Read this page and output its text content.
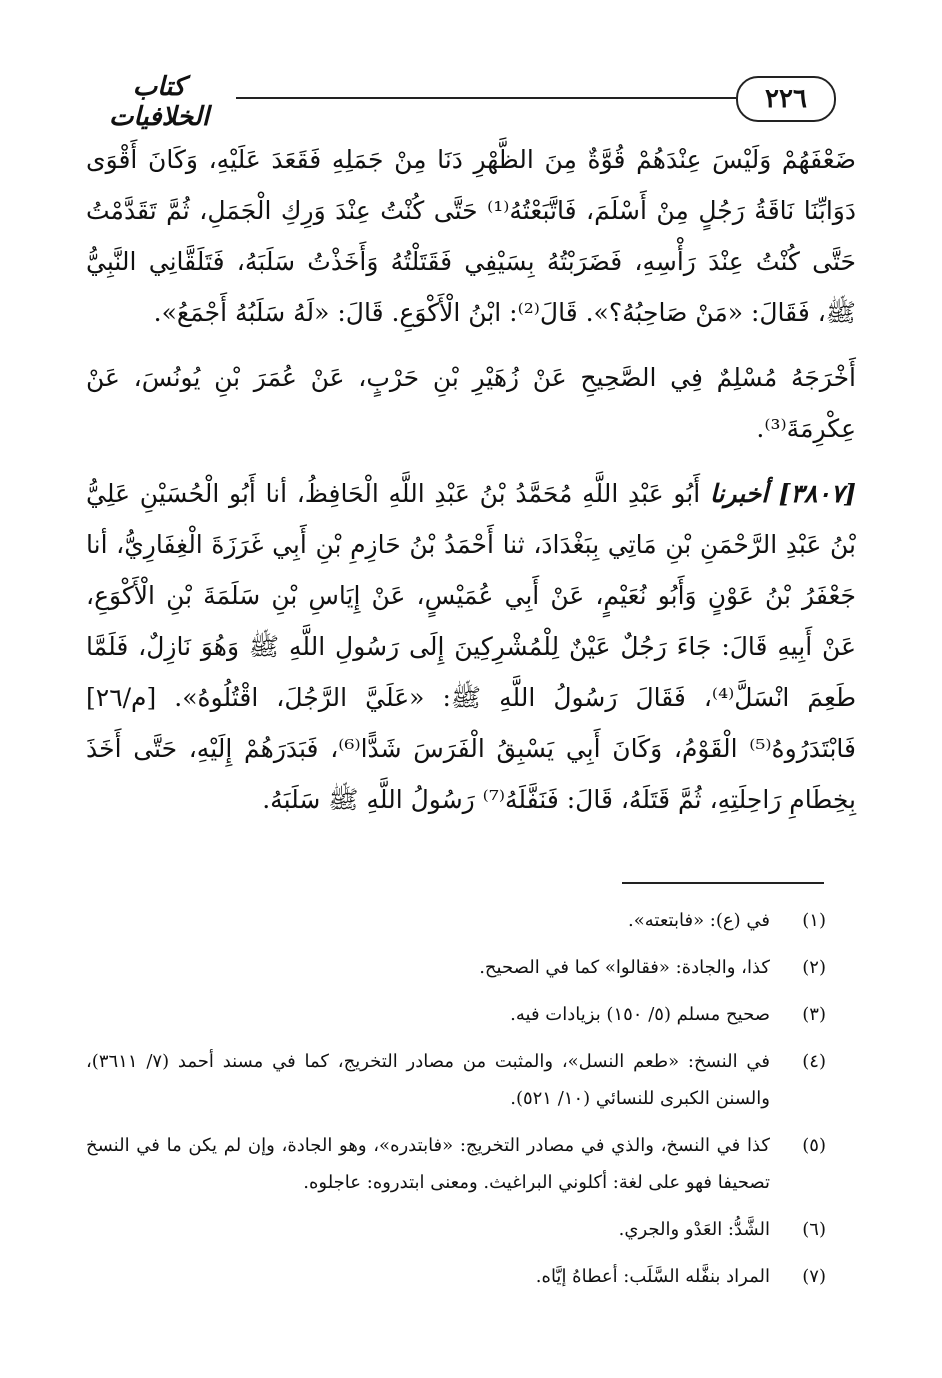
٢٢٦
كتاب الخلافيات

ضَعْفَهُمْ وَلَيْسَ عِنْدَهُمْ قُوَّةٌ مِنَ الظَّهْرِ دَنَا مِنْ جَمَلِهِ فَقَعَدَ عَلَيْهِ، وَكَانَ أَقْوَى دَوَابِّنَا نَاقَةُ رَجُلٍ مِنْ أَسْلَمَ، فَاتَّبَعْتُهُ⁽¹⁾ حَتَّى كُنْتُ عِنْدَ وَرِكِ الْجَمَلِ، ثُمَّ تَقَدَّمْتُ حَتَّى كُنْتُ عِنْدَ رَأْسِهِ، فَضَرَبْتُهُ بِسَيْفِي فَقَتَلْتُهُ وَأَخَذْتُ سَلَبَهُ، فَتَلَقَّانِي النَّبِيُّ ﷺ، فَقَالَ: «مَنْ صَاحِبُهُ؟». قَالَ⁽²⁾: ابْنُ الْأَكْوَعِ. قَالَ: «لَهُ سَلَبُهُ أَجْمَعُ».

أَخْرَجَهُ مُسْلِمٌ فِي الصَّحِيحِ عَنْ زُهَيْرِ بْنِ حَرْبٍ، عَنْ عُمَرَ بْنِ يُونُسَ، عَنْ عِكْرِمَةَ⁽³⁾.

[٣٨٠٧] أخبرنا أَبُو عَبْدِ اللَّهِ مُحَمَّدُ بْنُ عَبْدِ اللَّهِ الْحَافِظُ، أنا أَبُو الْحُسَيْنِ عَلِيُّ بْنُ عَبْدِ الرَّحْمَنِ بْنِ مَاتِي بِبَغْدَادَ، ثنا أَحْمَدُ بْنُ حَازِمِ بْنِ أَبِي غَرَزَةَ الْغِفَارِيُّ، أنا جَعْفَرُ بْنُ عَوْنٍ وَأَبُو نُعَيْمٍ، عَنْ أَبِي عُمَيْسٍ، عَنْ إِيَاسِ بْنِ سَلَمَةَ بْنِ الْأَكْوَعِ، عَنْ أَبِيهِ قَالَ: جَاءَ رَجُلٌ عَيْنٌ لِلْمُشْرِكِينَ إِلَى رَسُولِ اللَّهِ ﷺ وَهُوَ نَازِلٌ، فَلَمَّا طَعِمَ انْسَلَّ⁽⁴⁾، فَقَالَ رَسُولُ اللَّهِ ﷺ: «عَلَيَّ الرَّجُلَ، اقْتُلُوهُ». [م/٢٦] فَابْتَدَرُوهُ⁽⁵⁾ الْقَوْمُ، وَكَانَ أَبِي يَسْبِقُ الْفَرَسَ شَدًّا⁽⁶⁾، فَبَدَرَهُمْ إِلَيْهِ، حَتَّى أَخَذَ بِخِطَامِ رَاحِلَتِهِ، ثُمَّ قَتَلَهُ، قَالَ: فَنَفَّلَهُ⁽⁷⁾ رَسُولُ اللَّهِ ﷺ سَلَبَهُ.

(١)
في (ع): «فابتعته».
(٢)
كذا، والجادة: «فقالوا» كما في الصحيح.
(٣)
صحيح مسلم (٥/ ١٥٠) بزيادات فيه.
(٤)
في النسخ: «طعم النسل»، والمثبت من مصادر التخريج، كما في مسند أحمد (٧/ ٣٦١١)، والسنن الكبرى للنسائي (١٠/ ٥٢١).
(٥)
كذا في النسخ، والذي في مصادر التخريج: «فابتدره»، وهو الجادة، وإن لم يكن ما في النسخ تصحيفا فهو على لغة: أكلوني البراغيث. ومعنى ابتدروه: عاجلوه.
(٦)
الشَّدُّ: العَدْو والجري.
(٧)
المراد بنفَّله السَّلَب: أعطاهُ إيَّاه.
